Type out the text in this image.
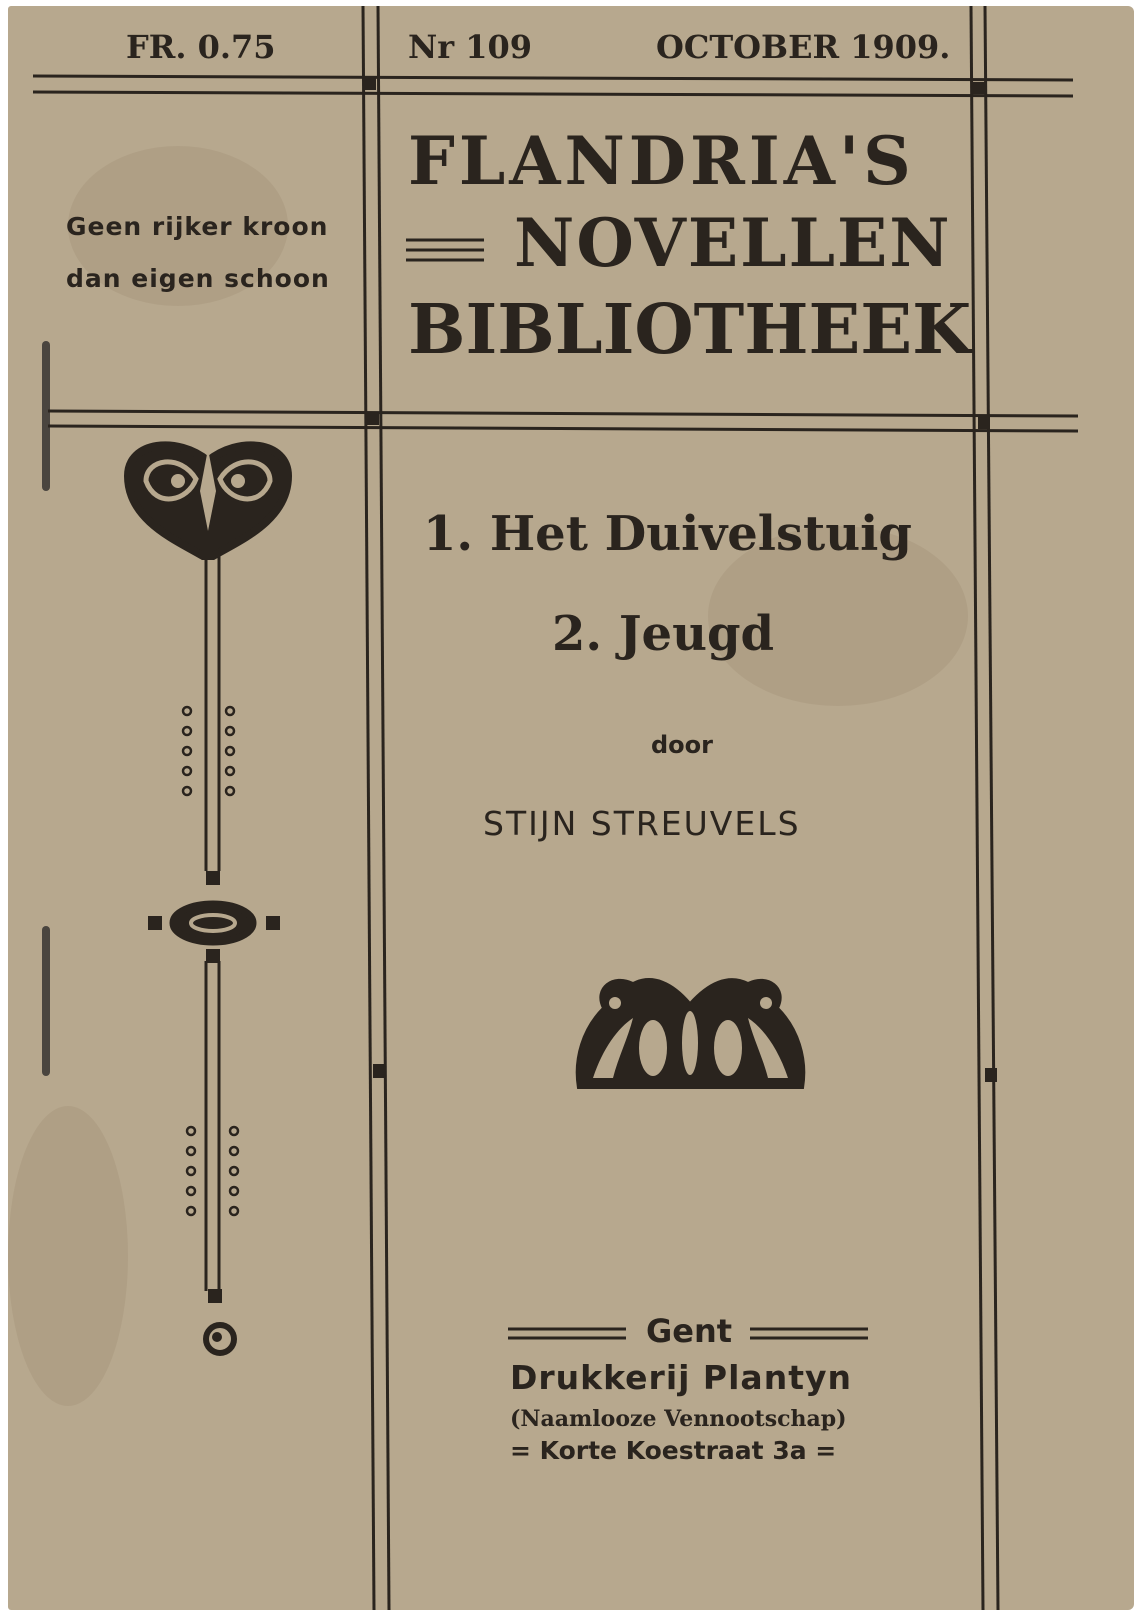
FR. 0.75	Nr 109	OCTOBER 1909.

Geen rijker kroon

dan eigen schoon

FLANDRIA'S

NOVELLEN

BIBLIOTHEEK

1. Het Duivelstuig

2. Jeugd

door

STIJN STREUVELS

Gent

Drukkerij Plantyn

(Naamlooze Vennootschap)

= Korte Koestraat 3a =
